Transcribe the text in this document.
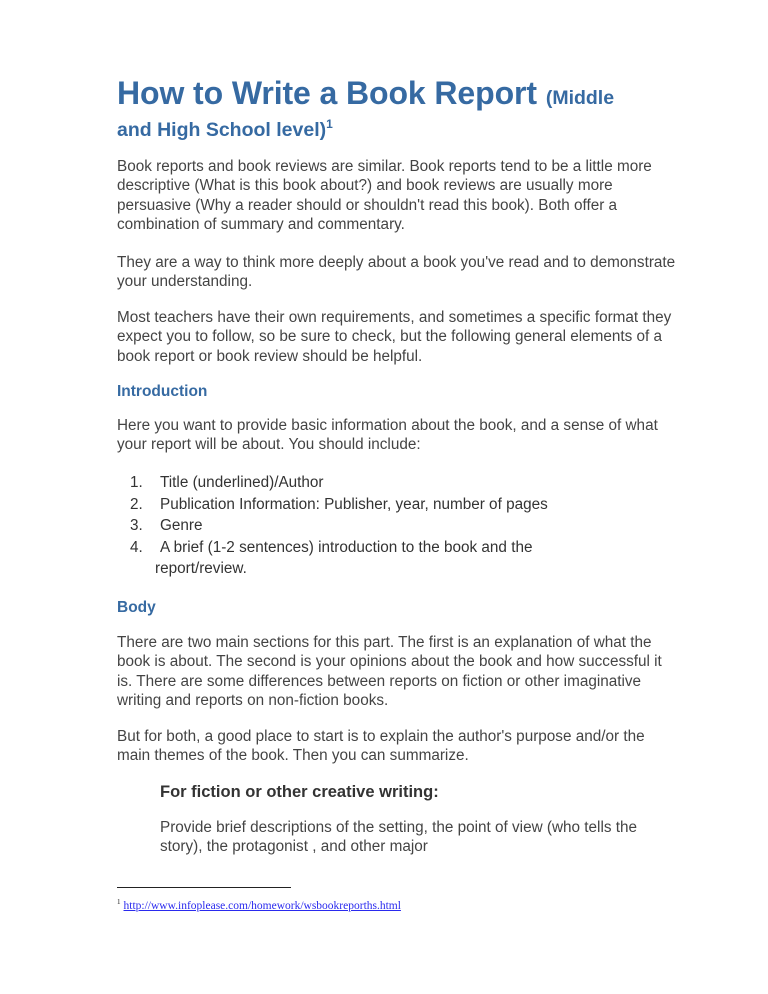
How to Write a Book Report (Middle
and High School level)$^1$

Book reports and book reviews are similar. Book reports tend to be a little more descriptive (What is this book about?) and book reviews are usually more persuasive (Why a reader should or shouldn't read this book). Both offer a combination of summary and commentary.

They are a way to think more deeply about a book you've read and to demonstrate your understanding.

Most teachers have their own requirements, and sometimes a specific format they expect you to follow, so be sure to check, but the following general elements of a book report or book review should be helpful.

Introduction

Here you want to provide basic information about the book, and a sense of what your report will be about. You should include:

1. Title (underlined)/Author
2. Publication Information: Publisher, year, number of pages
3. Genre
4. A brief (1-2 sentences) introduction to the book and the
report/review.
Body

There are two main sections for this part. The first is an explanation of what the book is about. The second is your opinions about the book and how successful it is. There are some differences between reports on fiction or other imaginative writing and reports on non-fiction books.

But for both, a good place to start is to explain the author's purpose and/or the main themes of the book. Then you can summarize.

For fiction or other creative writing:

Provide brief descriptions of the setting, the point of view (who tells the story), the protagonist , and other major

$^1$ http://www.infoplease.com/homework/wsbookreporths.html
